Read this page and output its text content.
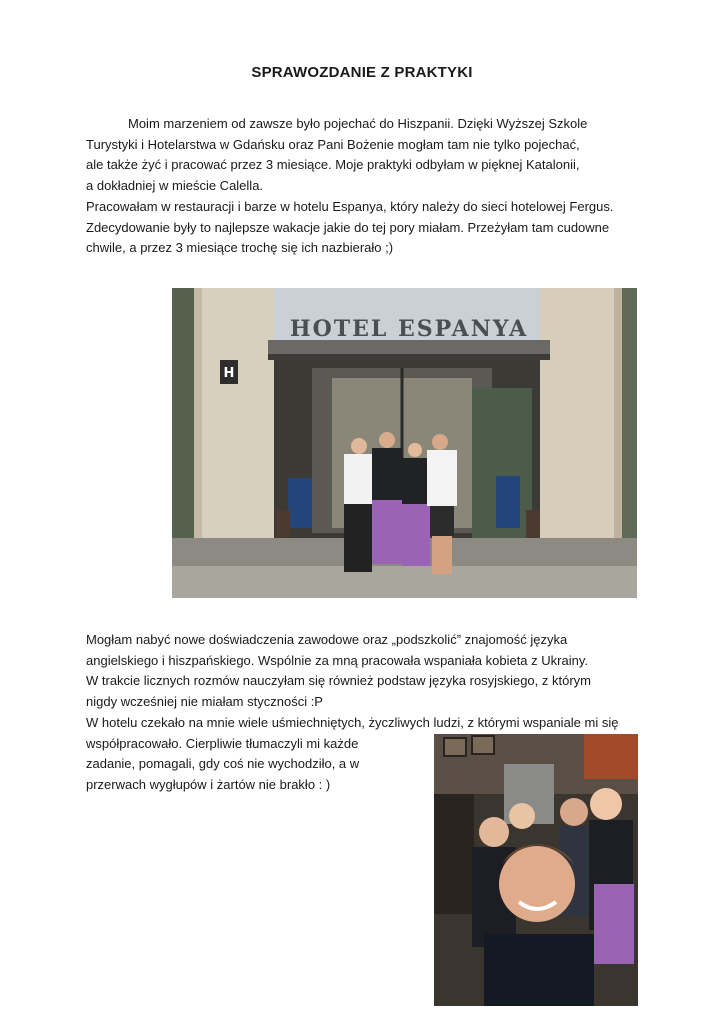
SPRAWOZDANIE Z PRAKTYKI
Moim marzeniem od zawsze było pojechać do Hiszpanii. Dzięki Wyższej Szkole
Turystyki i Hotelarstwa w Gdańsku oraz Pani Bożenie mogłam tam nie tylko pojechać,
ale także żyć i pracować przez 3 miesiące. Moje praktyki odbyłam w pięknej Katalonii,
a dokładniej w mieście Calella.
Pracowałam w restauracji i barze w hotelu Espanya, który należy do sieci hotelowej Fergus.
Zdecydowanie były to najlepsze wakacje jakie do tej pory miałam. Przeżyłam tam cudowne
chwile, a przez 3 miesiące trochę się ich nazbierało ;)
HOTEL ESPANYA
H
Mogłam nabyć nowe doświadczenia zawodowe oraz „podszkolić” znajomość języka
angielskiego i hiszpańskiego. Wspólnie za mną pracowała wspaniała kobieta z Ukrainy.
W trakcie licznych rozmów nauczyłam się również podstaw języka rosyjskiego, z którym
nigdy wcześniej nie miałam styczności :P
W hotelu czekało na mnie wiele uśmiechniętych, życzliwych ludzi, z którymi wspaniale mi się
współpracowało. Cierpliwie tłumaczyli mi każde
zadanie, pomagali, gdy coś nie wychodziło, a w
przerwach wygłupów i żartów nie brakło : )
